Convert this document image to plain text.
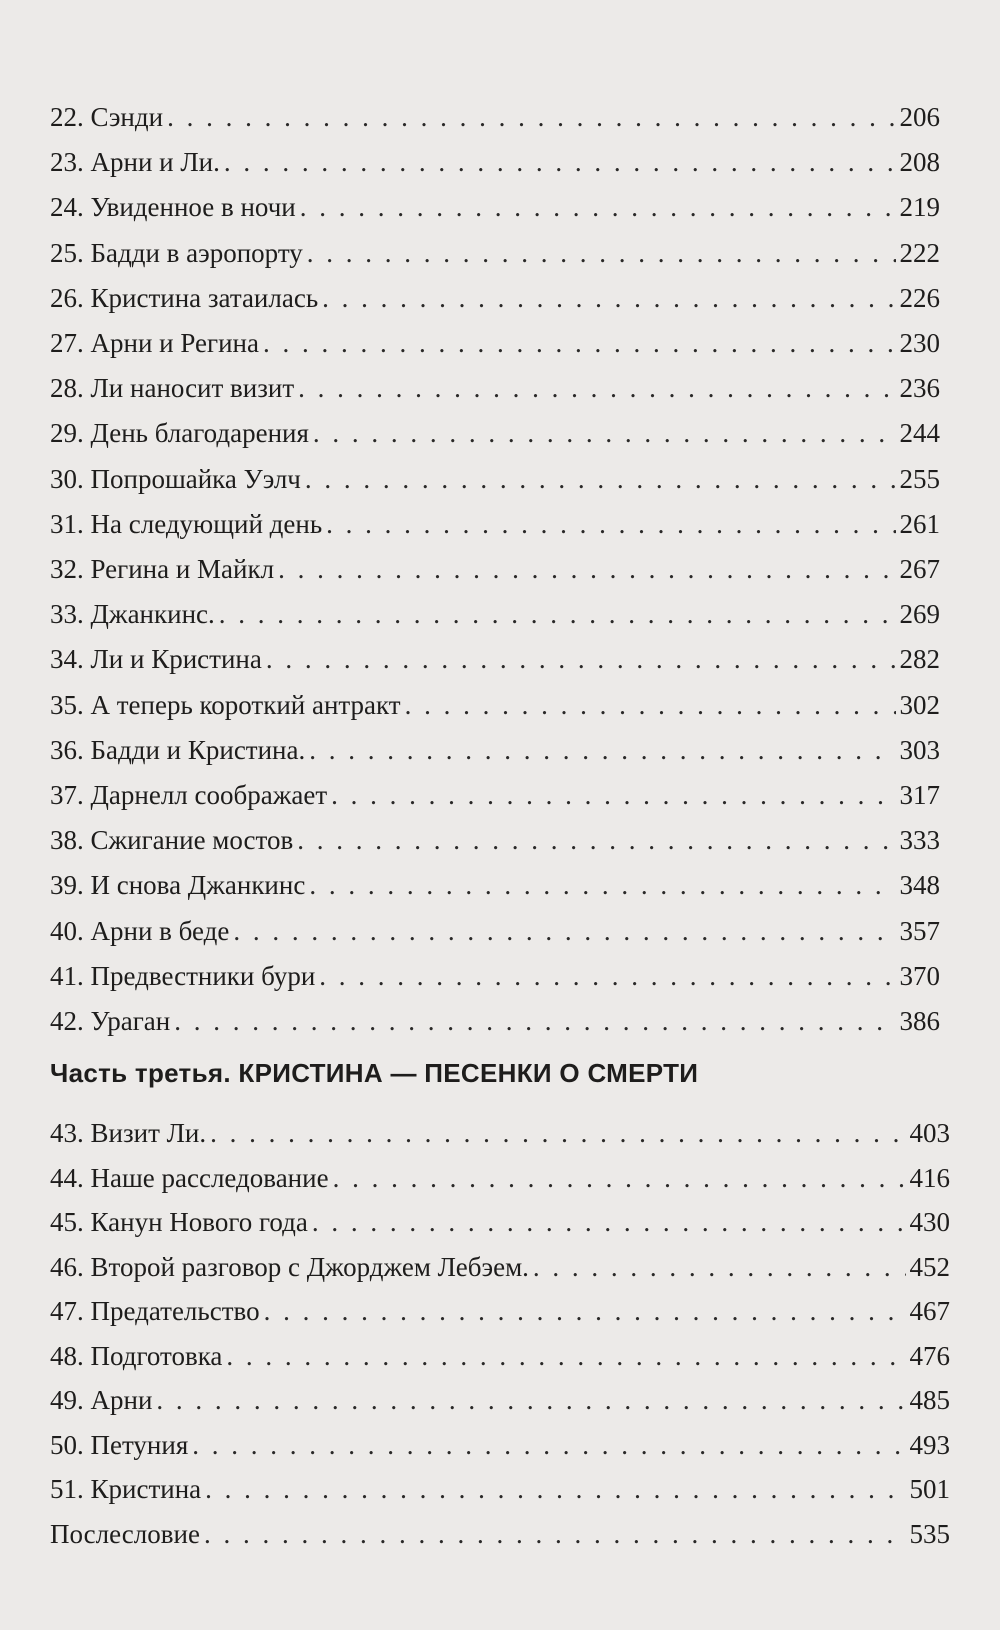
22. Сэнди . . .	206
23. Арни и Ли. . . .	208
24. Увиденное в ночи . . .	219
25. Бадди в аэропорту . . .	222
26. Кристина затаилась . . .	226
27. Арни и Регина . . .	230
28. Ли наносит визит . . .	236
29. День благодарения . . .	244
30. Попрошайка Уэлч . . .	255
31. На следующий день . . .	261
32. Регина и Майкл . . .	267
33. Джанкинс. . . .	269
34. Ли и Кристина . . .	282
35. А теперь короткий антракт . . .	302
36. Бадди и Кристина. . . .	303
37. Дарнелл соображает . . .	317
38. Сжигание мостов . . .	333
39. И снова Джанкинс . . .	348
40. Арни в беде . . .	357
41. Предвестники бури . . .	370
42. Ураган . . .	386
Часть третья. КРИСТИНА — ПЕСЕНКИ О СМЕРТИ
43. Визит Ли. . . .	403
44. Наше расследование . . .	416
45. Канун Нового года . . .	430
46. Второй разговор с Джорджем Лебэем. . . .	452
47. Предательство . . .	467
48. Подготовка . . .	476
49. Арни . . .	485
50. Петуния . . .	493
51. Кристина . . .	501
Послесловие . . .	535
